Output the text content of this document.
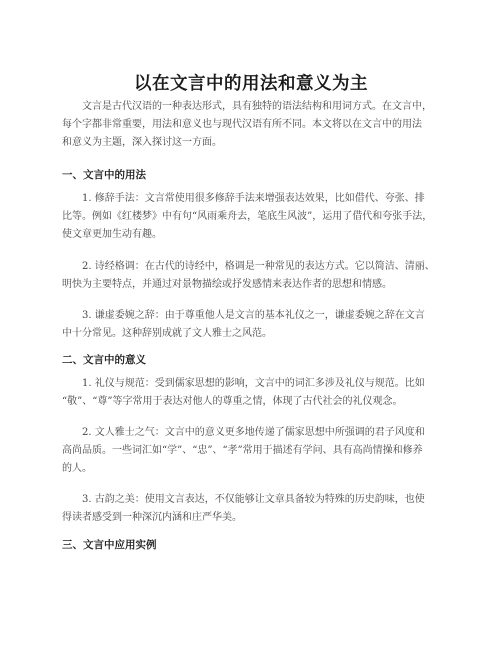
以在文言中的用法和意义为主

文言是古代汉语的一种表达形式，具有独特的语法结构和用词方式。在文言中，
每个字都非常重要，用法和意义也与现代汉语有所不同。本文将以在文言中的用法
和意义为主题，深入探讨这一方面。

一、文言中的用法

1. 修辞手法：文言常使用很多修辞手法来增强表达效果，比如借代、夸张、排
比等。例如《红楼梦》中有句“风雨乘舟去，笔底生风波”，运用了借代和夸张手法，
使文章更加生动有趣。

2. 诗经格调：在古代的诗经中，格调是一种常见的表达方式。它以简洁、清丽、
明快为主要特点，并通过对景物描绘或抒发感情来表达作者的思想和情感。

3. 谦虚委婉之辞：由于尊重他人是文言的基本礼仪之一，谦虚委婉之辞在文言
中十分常见。这种辞别成就了文人雅士之风范。

二、文言中的意义

1. 礼仪与规范：受到儒家思想的影响，文言中的词汇多涉及礼仪与规范。比如
“敬”、“尊”等字常用于表达对他人的尊重之情，体现了古代社会的礼仪观念。

2. 文人雅士之气：文言中的意义更多地传递了儒家思想中所强调的君子风度和
高尚品质。一些词汇如“学”、“忠”、“孝”常用于描述有学问、具有高尚情操和修养
的人。

3. 古韵之美：使用文言表达，不仅能够让文章具备较为特殊的历史韵味，也使
得读者感受到一种深沉内涵和庄严华美。

三、文言中应用实例
